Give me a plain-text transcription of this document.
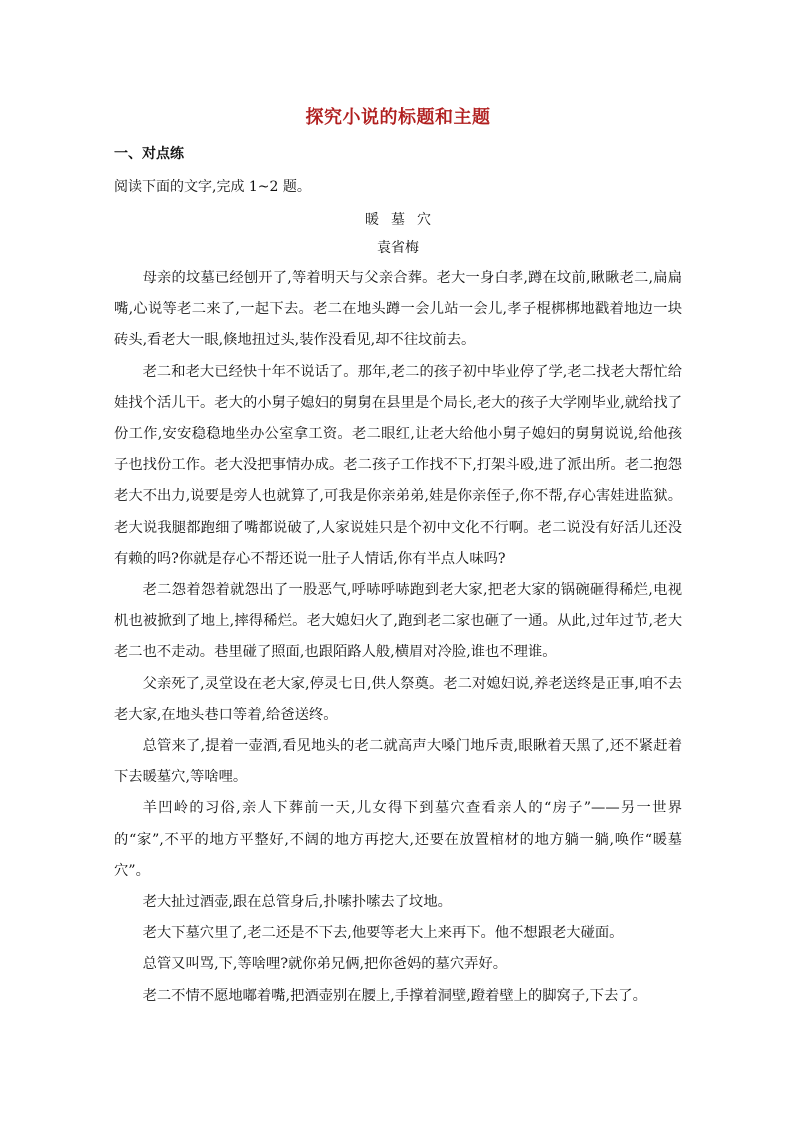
探究小说的标题和主题
一、对点练
阅读下面的文字,完成 1~2 题。
暖墓穴
袁省梅

母亲的坟墓已经刨开了,等着明天与父亲合葬。老大一身白孝,蹲在坟前,瞅瞅老二,扁扁嘴,心说等老二来了,一起下去。老二在地头蹲一会儿站一会儿,孝子棍梆梆地戳着地边一块砖头,看老大一眼,倏地扭过头,装作没看见,却不往坟前去。

老二和老大已经快十年不说话了。那年,老二的孩子初中毕业停了学,老二找老大帮忙给娃找个活儿干。老大的小舅子媳妇的舅舅在县里是个局长,老大的孩子大学刚毕业,就给找了份工作,安安稳稳地坐办公室拿工资。老二眼红,让老大给他小舅子媳妇的舅舅说说,给他孩子也找份工作。老大没把事情办成。老二孩子工作找不下,打架斗殴,进了派出所。老二抱怨老大不出力,说要是旁人也就算了,可我是你亲弟弟,娃是你亲侄子,你不帮,存心害娃进监狱。老大说我腿都跑细了嘴都说破了,人家说娃只是个初中文化不行啊。老二说没有好活儿还没有赖的吗?你就是存心不帮还说一肚子人情话,你有半点人味吗?

老二怨着怨着就怨出了一股恶气,呼哧呼哧跑到老大家,把老大家的锅碗砸得稀烂,电视机也被掀到了地上,摔得稀烂。老大媳妇火了,跑到老二家也砸了一通。从此,过年过节,老大老二也不走动。巷里碰了照面,也跟陌路人般,横眉对冷脸,谁也不理谁。

父亲死了,灵堂设在老大家,停灵七日,供人祭奠。老二对媳妇说,养老送终是正事,咱不去老大家,在地头巷口等着,给爸送终。

总管来了,提着一壶酒,看见地头的老二就高声大嗓门地斥责,眼瞅着天黑了,还不紧赶着下去暖墓穴,等啥哩。

羊凹岭的习俗,亲人下葬前一天,儿女得下到墓穴查看亲人的“房子”——另一世界的“家”,不平的地方平整好,不阔的地方再挖大,还要在放置棺材的地方躺一躺,唤作“暖墓穴”。

老大扯过酒壶,跟在总管身后,扑嗦扑嗦去了坟地。

老大下墓穴里了,老二还是不下去,他要等老大上来再下。他不想跟老大碰面。

总管又叫骂,下,等啥哩?就你弟兄俩,把你爸妈的墓穴弄好。

老二不情不愿地嘟着嘴,把酒壶别在腰上,手撑着洞壁,蹬着壁上的脚窝子,下去了。
